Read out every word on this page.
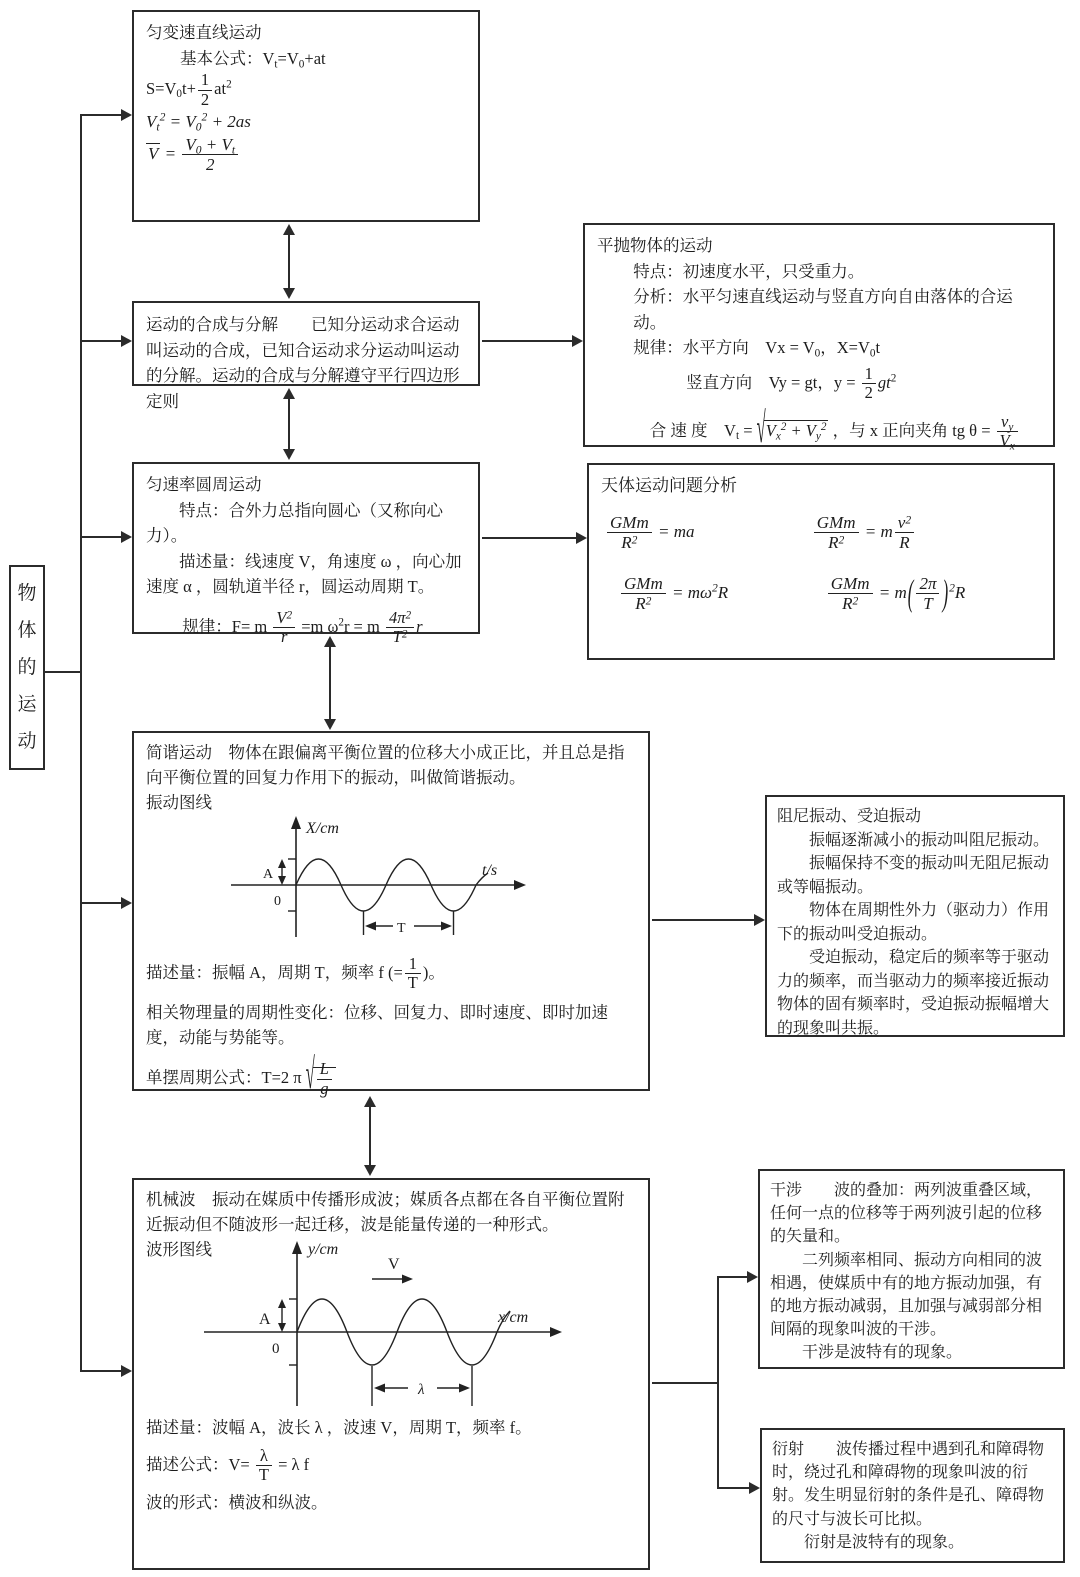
物体的运动

匀变速直线运动

基本公式：$V_t=V_0+at$

$S=V_0t+ \frac{1}{2} at^2$

$V_t^2 = V_0^2 + 2as$

$V = \frac{V_0 + V_t}{2}$

运动的合成与分解　　已知分运动求合运动叫运动的合成，已知合运动求分运动叫运动的分解。运动的合成与分解遵守平行四边形定则

平抛物体的运动

特点：初速度水平，只受重力。

分析：水平匀速直线运动与竖直方向自由落体的合运动。

规律：水平方向　$Vx = V_0$，$X=V_0t$

竖直方向　Vy = gt，$y = \frac{1}{2} gt^2$

合 速 度　$V_t = √V_x^2 + V_y^2$ ，与 x 正向夹角 tg $\theta = \frac{v_y}{V_x}$

匀速率圆周运动

特点：合外力总指向圆心（又称向心力）。

描述量：线速度 V，角速度 ω ，向心加速度 α ，圆轨道半径 r，圆运动周期 T。

规律：F= m $\frac{V^2}{r} =m$ $\omega^2r = m \frac{4\pi^2}{T^2}$ r

天体运动问题分析

$\frac{\text{GMm}}{R^2}$ = ma	$\frac{\text{GMm}}{R^2} = m \frac{v^2}{R}$
$\frac{\text{GMm}}{R^2} = m\omega^2R$	$\frac{\text{GMm}}{R^2} = m( \frac{2\pi}{T} )^2R$

简谐运动　物体在跟偏离平衡位置的位移大小成正比，并且总是指向平衡位置的回复力作用下的振动，叫做简谐振动。

振动图线

X/cm
t/s
A
0
T

描述量：振幅 A，周期 T，频率 f (= $\frac{1}{T}$ )。

相关物理量的周期性变化：位移、回复力、即时速度、即时加速度，动能与势能等。

单摆周期公式：T=2 π √ $\frac{L}{g}$

阻尼振动、受迫振动

振幅逐渐减小的振动叫阻尼振动。

振幅保持不变的振动叫无阻尼振动或等幅振动。

物体在周期性外力（驱动力）作用下的振动叫受迫振动。

受迫振动，稳定后的频率等于驱动力的频率，而当驱动力的频率接近振动物体的固有频率时，受迫振动振幅增大的现象叫共振。

机械波　振动在媒质中传播形成波；媒质各点都在各自平衡位置附近振动但不随波形一起迁移，波是能量传递的一种形式。

波形图线	y/cm
x/cm
V
A
0
λ

描述量：波幅 A，波长 λ ，波速 V，周期 T，频率 f。

描述公式：$V= \frac{\lambda}{T} = \lambda$ f

波的形式：横波和纵波。

干涉　　波的叠加：两列波重叠区域，任何一点的位移等于两列波引起的位移的矢量和。

二列频率相同、振动方向相同的波相遇，使媒质中有的地方振动加强，有的地方振动减弱，且加强与减弱部分相间隔的现象叫波的干涉。

干涉是波特有的现象。

衍射　　波传播过程中遇到孔和障碍物时，绕过孔和障碍物的现象叫波的衍射。发生明显衍射的条件是孔、障碍物的尺寸与波长可比拟。

衍射是波特有的现象。
